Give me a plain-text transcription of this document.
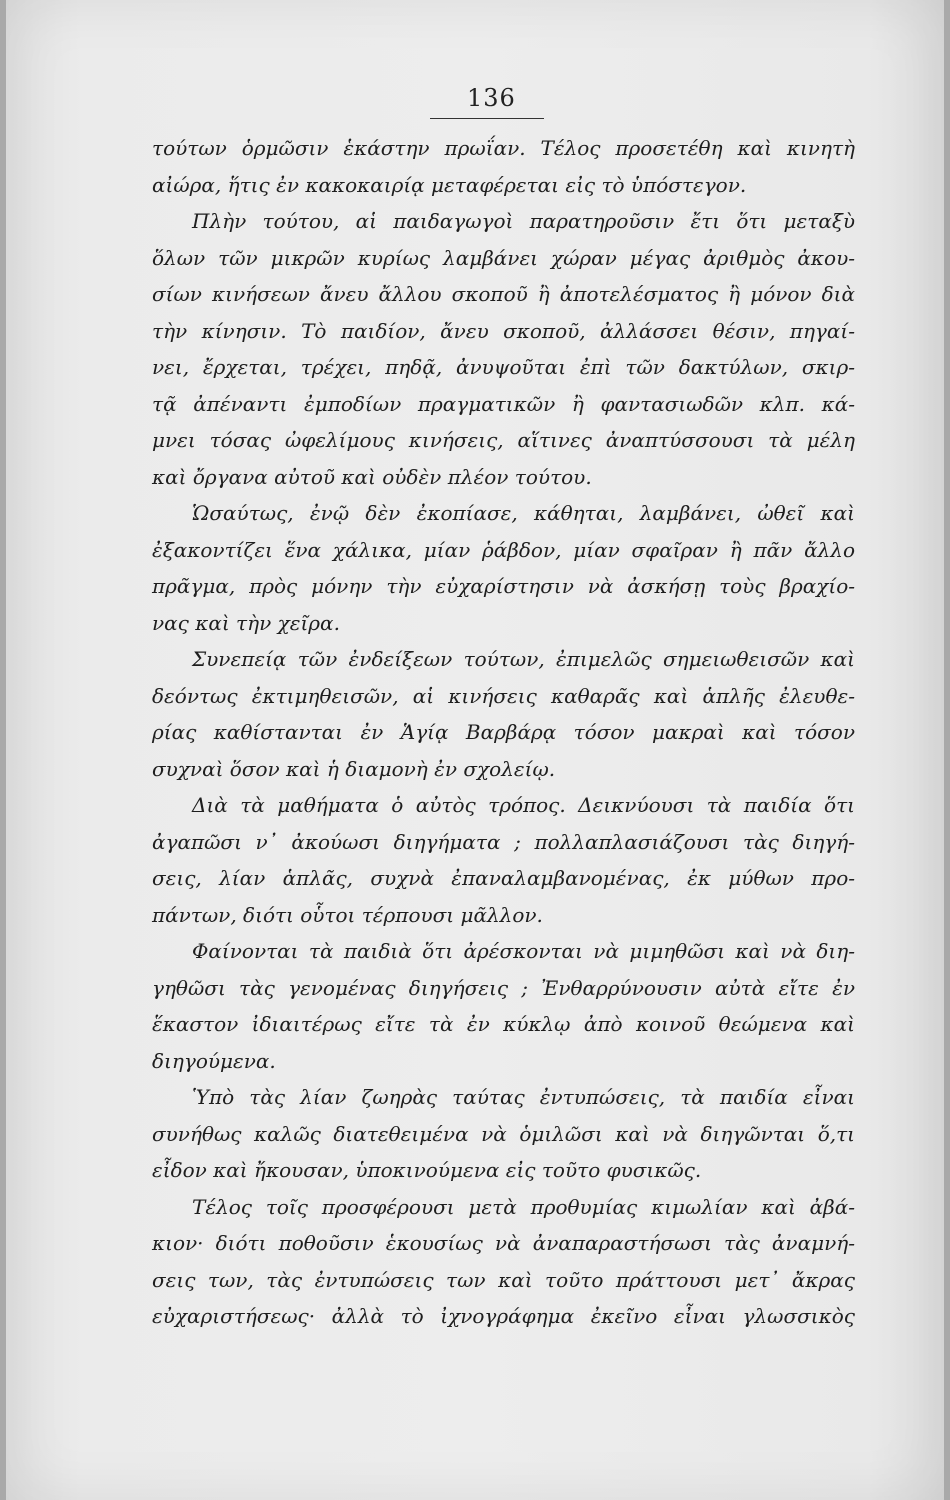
136
τούτων ὁρμῶσιν ἑκάστην πρωΐαν. Τέλος προσετέθη καὶ κινητὴ
αἰώρα, ἥτις ἐν κακοκαιρίᾳ μεταφέρεται εἰς τὸ ὑπόστεγον.
Πλὴν τούτου, αἱ παιδαγωγοὶ παρατηροῦσιν ἔτι ὅτι μεταξὺ
ὅλων τῶν μικρῶν κυρίως λαμβάνει χώραν μέγας ἀριθμὸς ἀκου-
σίων κινήσεων ἄνευ ἄλλου σκοποῦ ἢ ἀποτελέσματος ἢ μόνον διὰ
τὴν κίνησιν. Τὸ παιδίον, ἄνευ σκοποῦ, ἀλλάσσει θέσιν, πηγαί-
νει, ἔρχεται, τρέχει, πηδᾷ, ἀνυψοῦται ἐπὶ τῶν δακτύλων, σκιρ-
τᾷ ἀπέναντι ἐμποδίων πραγματικῶν ἢ φαντασιωδῶν κλπ. κά-
μνει τόσας ὠφελίμους κινήσεις, αἵτινες ἀναπτύσσουσι τὰ μέλη
καὶ ὄργανα αὐτοῦ καὶ οὐδὲν πλέον τούτου.
Ὡσαύτως, ἐνῷ δὲν ἐκοπίασε, κάθηται, λαμβάνει, ὠθεῖ καὶ
ἐξακοντίζει ἕνα χάλικα, μίαν ῥάβδον, μίαν σφαῖραν ἢ πᾶν ἄλλο
πρᾶγμα, πρὸς μόνην τὴν εὐχαρίστησιν νὰ ἀσκήσῃ τοὺς βραχίο-
νας καὶ τὴν χεῖρα.
Συνεπείᾳ τῶν ἐνδείξεων τούτων, ἐπιμελῶς σημειωθεισῶν καὶ
δεόντως ἐκτιμηθεισῶν, αἱ κινήσεις καθαρᾶς καὶ ἁπλῆς ἐλευθε-
ρίας καθίστανται ἐν Ἁγίᾳ Βαρβάρᾳ τόσον μακραὶ καὶ τόσον
συχναὶ ὅσον καὶ ἡ διαμονὴ ἐν σχολείῳ.
Διὰ τὰ μαθήματα ὁ αὐτὸς τρόπος. Δεικνύουσι τὰ παιδία ὅτι
ἀγαπῶσι ν᾽ ἀκούωσι διηγήματα ; πολλαπλασιάζουσι τὰς διηγή-
σεις, λίαν ἁπλᾶς, συχνὰ ἐπαναλαμβανομένας, ἐκ μύθων προ-
πάντων, διότι οὗτοι τέρπουσι μᾶλλον.
Φαίνονται τὰ παιδιὰ ὅτι ἀρέσκονται νὰ μιμηθῶσι καὶ νὰ διη-
γηθῶσι τὰς γενομένας διηγήσεις ; Ἐνθαρρύνουσιν αὐτὰ εἴτε ἐν
ἕκαστον ἰδιαιτέρως εἴτε τὰ ἐν κύκλῳ ἀπὸ κοινοῦ θεώμενα καὶ
διηγούμενα.
Ὑπὸ τὰς λίαν ζωηρὰς ταύτας ἐντυπώσεις, τὰ παιδία εἶναι
συνήθως καλῶς διατεθειμένα νὰ ὁμιλῶσι καὶ νὰ διηγῶνται ὅ,τι
εἶδον καὶ ἤκουσαν, ὑποκινούμενα εἰς τοῦτο φυσικῶς.
Τέλος τοῖς προσφέρουσι μετὰ προθυμίας κιμωλίαν καὶ ἀβά-
κιον· διότι ποθοῦσιν ἑκουσίως νὰ ἀναπαραστήσωσι τὰς ἀναμνή-
σεις των, τὰς ἐντυπώσεις των καὶ τοῦτο πράττουσι μετ᾽ ἄκρας
εὐχαριστήσεως· ἀλλὰ τὸ ἰχνογράφημα ἐκεῖνο εἶναι γλωσσικὸς
